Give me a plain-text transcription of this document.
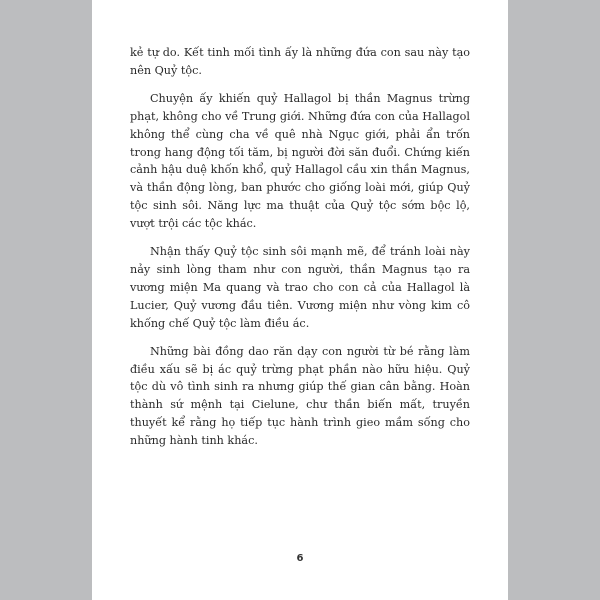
kẻ tự do. Kết tinh mối tình ấy là những đứa con sau này tạo nên Quỷ tộc.

Chuyện ấy khiến quỷ Hallagol bị thần Magnus trừng phạt, không cho về Trung giới. Những đứa con của Hallagol không thể cùng cha về quê nhà Ngục giới, phải ẩn trốn trong hang động tối tăm, bị người đời săn đuổi. Chứng kiến cảnh hậu duệ khốn khổ, quỷ Hallagol cầu xin thần Magnus, và thần động lòng, ban phước cho giống loài mới, giúp Quỷ tộc sinh sôi. Năng lực ma thuật của Quỷ tộc sớm bộc lộ, vượt trội các tộc khác.

Nhận thấy Quỷ tộc sinh sôi mạnh mẽ, để tránh loài này nảy sinh lòng tham như con người, thần Magnus tạo ra vương miện Ma quang và trao cho con cả của Hallagol là Lucier, Quỷ vương đầu tiên. Vương miện như vòng kim cô khống chế Quỷ tộc làm điều ác.

Những bài đồng dao răn dạy con người từ bé rằng làm điều xấu sẽ bị ác quỷ trừng phạt phần nào hữu hiệu. Quỷ tộc dù vô tình sinh ra nhưng giúp thế gian cân bằng. Hoàn thành sứ mệnh tại Cielune, chư thần biến mất, truyền thuyết kể rằng họ tiếp tục hành trình gieo mầm sống cho những hành tinh khác.

6
